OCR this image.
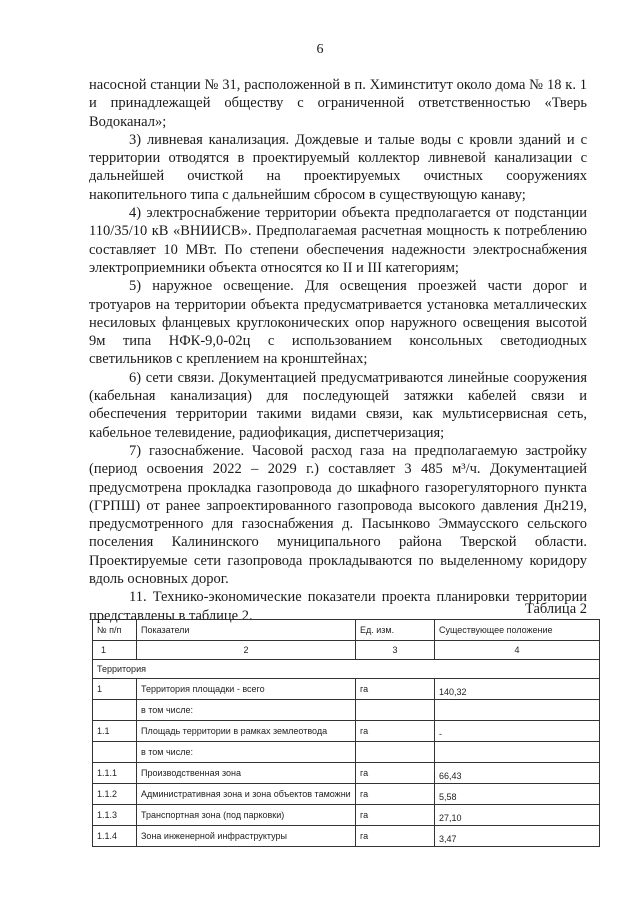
6

насосной станции № 31, расположенной в п. Химинститут около дома № 18 к. 1 и принадлежащей обществу с ограниченной ответственностью «Тверь Водоканал»;

3) ливневая канализация. Дождевые и талые воды с кровли зданий и с территории отводятся в проектируемый коллектор ливневой канализации с дальнейшей очисткой на проектируемых очистных сооружениях накопительного типа с дальнейшим сбросом в существующую канаву;

4) электроснабжение территории объекта предполагается от подстанции 110/35/10 кВ «ВНИИСВ». Предполагаемая расчетная мощность к потреблению составляет 10 МВт. По степени обеспечения надежности электроснабжения электроприемники объекта относятся ко II и III категориям;

5) наружное освещение. Для освещения проезжей части дорог и тротуаров на территории объекта предусматривается установка металлических несиловых фланцевых круглоконических опор наружного освещения высотой 9м типа НФК-9,0-02ц с использованием консольных светодиодных светильников с креплением на кронштейнах;

6) сети связи. Документацией предусматриваются линейные сооружения (кабельная канализация) для последующей затяжки кабелей связи и обеспечения территории такими видами связи, как мультисервисная сеть, кабельное телевидение, радиофикация, диспетчеризация;

7) газоснабжение. Часовой расход газа на предполагаемую застройку (период освоения 2022 – 2029 г.) составляет 3 485 м³/ч. Документацией предусмотрена прокладка газопровода до шкафного газорегуляторного пункта (ГРПШ) от ранее запроектированного газопровода высокого давления Дн219, предусмотренного для газоснабжения д. Пасынково Эммаусского сельского поселения Калининского муниципального района Тверской области. Проектируемые сети газопровода прокладываются по выделенному коридору вдоль основных дорог.

11. Технико-экономические показатели проекта планировки территории представлены в таблице 2.	Таблица 2
№ п/п	Показатели	Ед. изм.	Существующее положение
1	2	3	4
Территория			
1	Территория площадки - всего	га	140,32
	в том числе:		
1.1	Площадь территории в рамках землеотвода	га	-
	в том числе:		
1.1.1	Производственная зона	га	66,43
1.1.2	Административная зона и зона объектов таможни	га	5,58
1.1.3	Транспортная зона (под парковки)	га	27,10
1.1.4	Зона инженерной инфраструктуры	га	3,47
